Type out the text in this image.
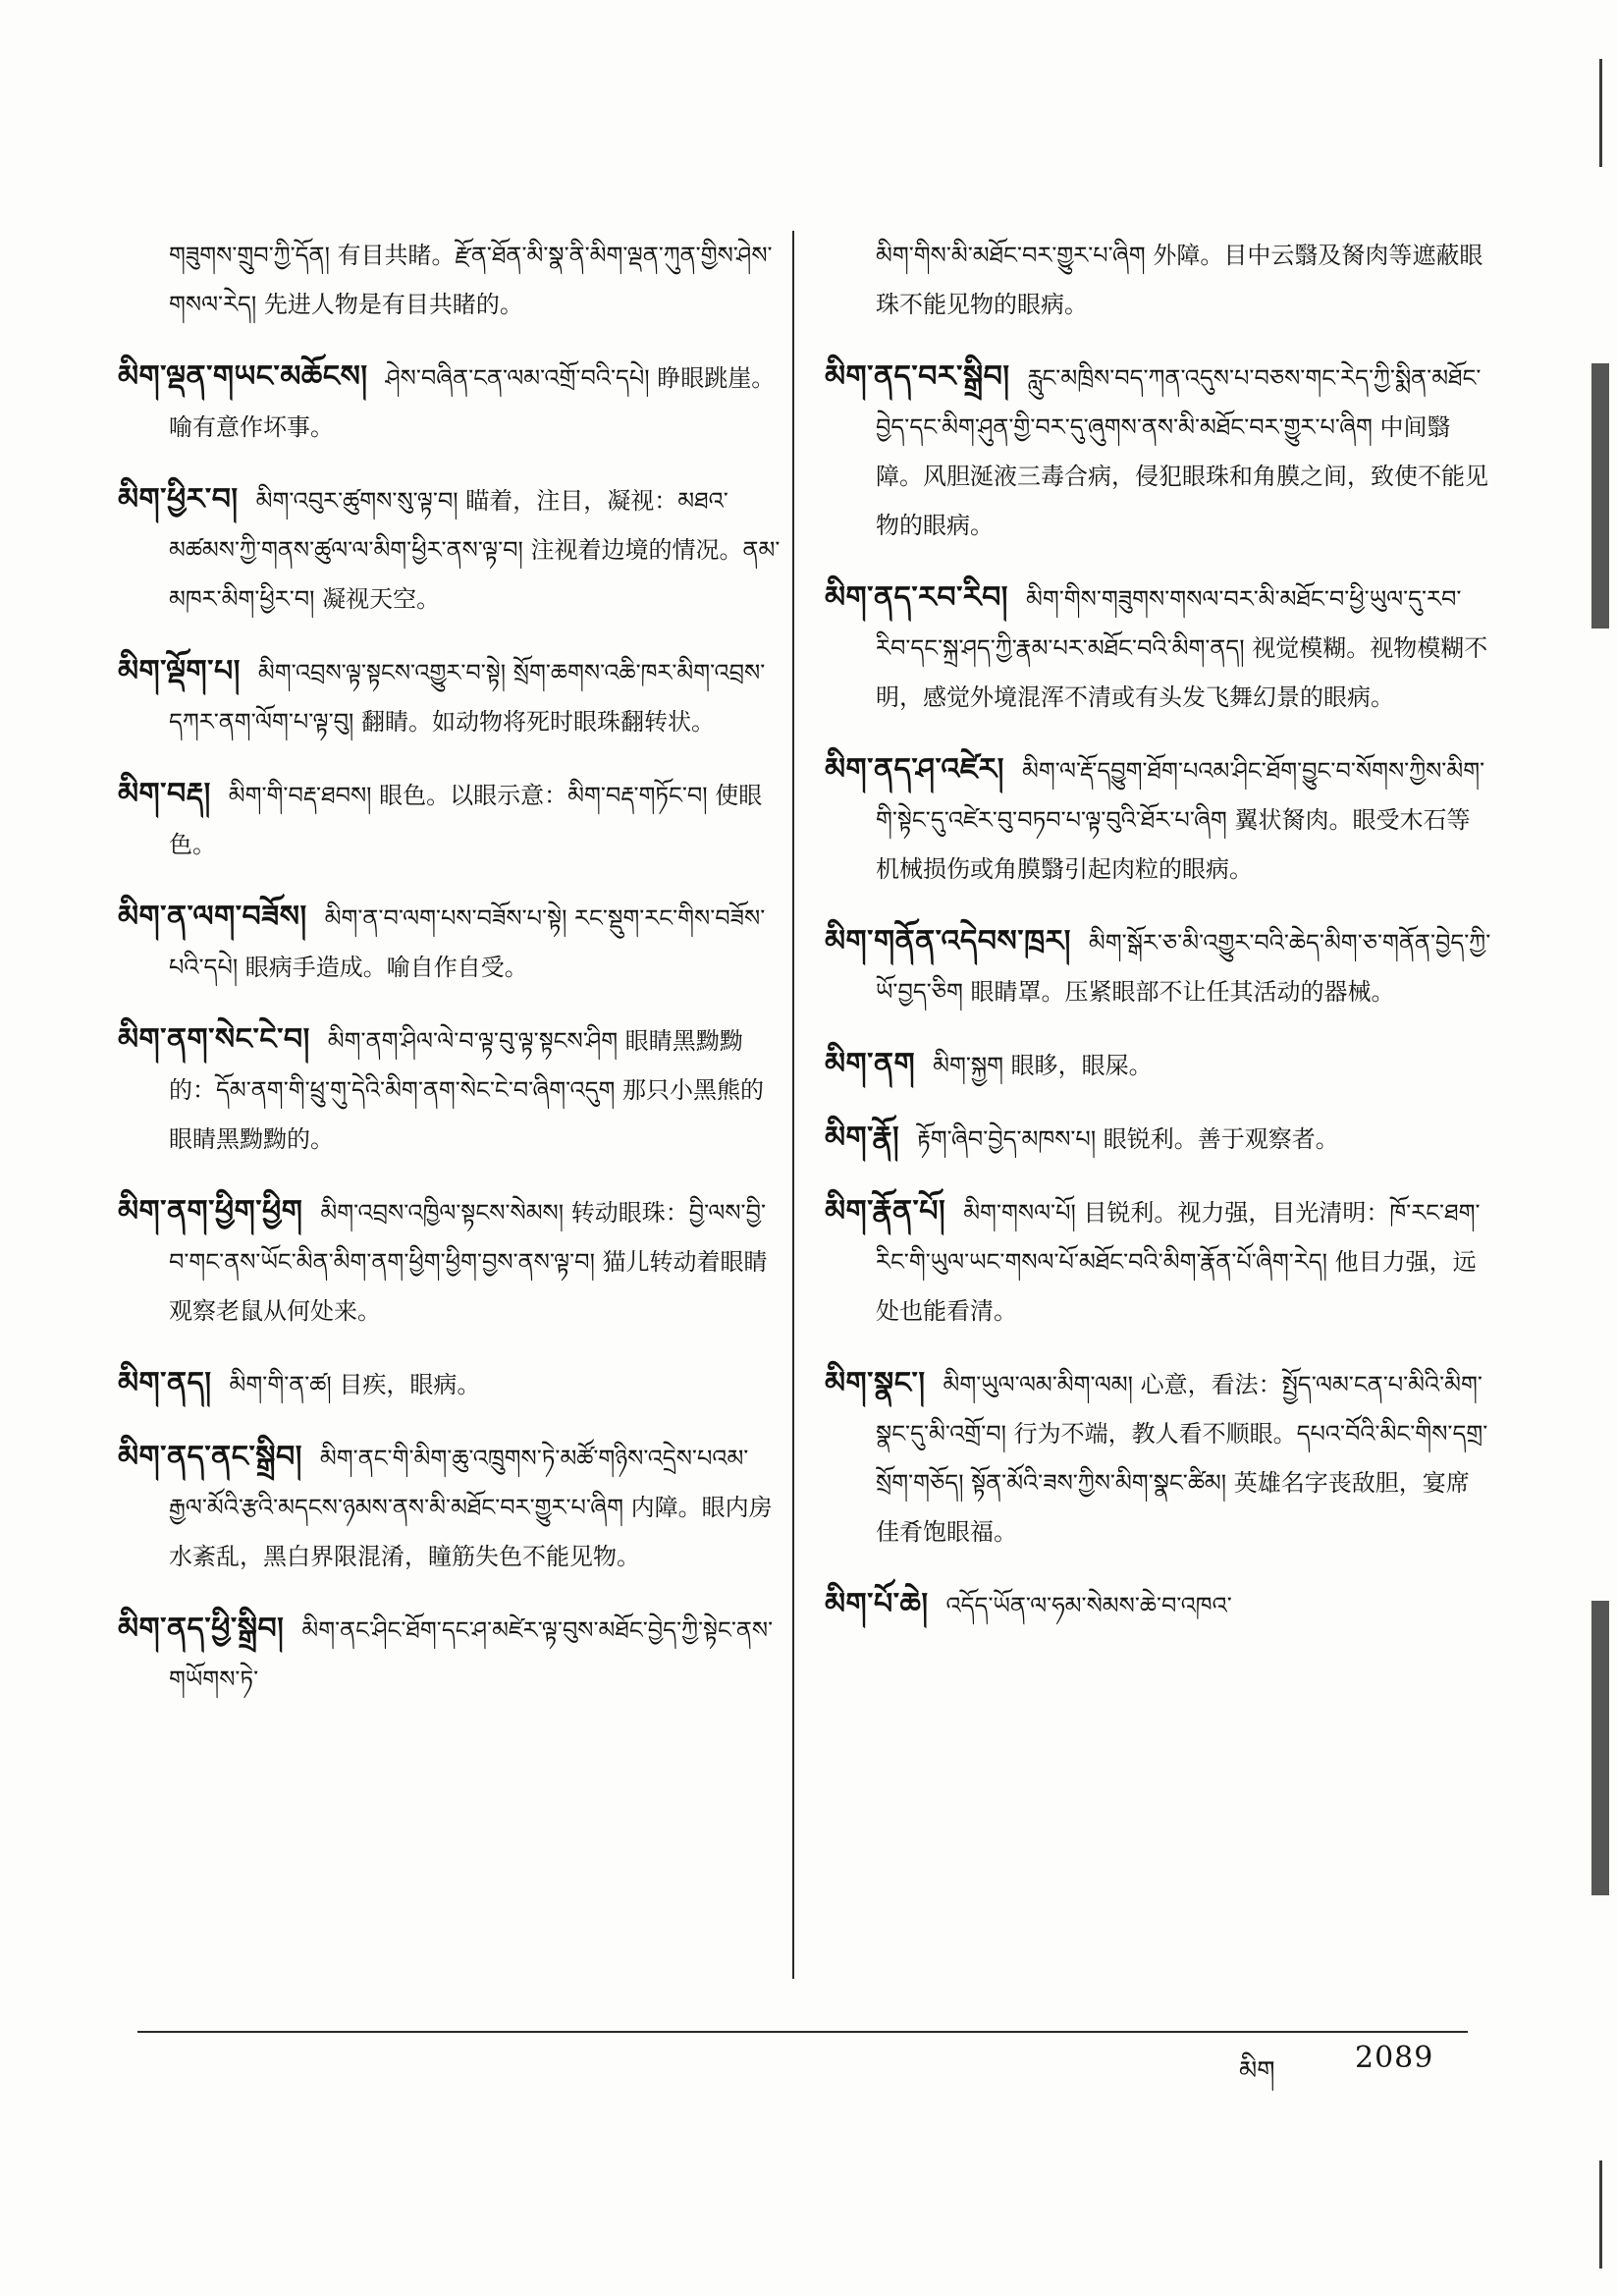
གཟུགས་གྲུབ་ཀྱི་དོན། 有目共睹。རྫོན་ཐོན་མི་སྣ་ནི་མིག་ལྡན་ཀུན་གྱིས་ཤེས་གསལ་རེད། 先进人物是有目共睹的。

མིག་ལྡན་གཡང་མཆོངས། ཤེས་བཞིན་ངན་ལམ་འགྲོ་བའི་དཔེ། 睁眼跳崖。喻有意作坏事。

མིག་ཕྱིར་བ། མིག་འབུར་ཚུགས་སུ་ལྟ་བ། 瞄着，注目，凝视：མཐའ་མཚམས་ཀྱི་གནས་ཚུལ་ལ་མིག་ཕྱིར་ནས་ལྟ་བ། 注视着边境的情况。ནམ་མཁར་མིག་ཕྱིར་བ། 凝视天空。

མིག་ལྡོག་པ། མིག་འབྲས་ལྟ་སྟངས་འགྱུར་བ་སྟེ། སྲོག་ཆགས་འཆི་ཁར་མིག་འབྲས་དཀར་ནག་ལོག་པ་ལྟ་བུ། 翻睛。如动物将死时眼珠翻转状。

མིག་བརྡ། མིག་གི་བརྡ་ཐབས། 眼色。以眼示意：མིག་བརྡ་གཏོང་བ། 使眼色。

མིག་ན་ལག་བཟོས། མིག་ན་བ་ལག་པས་བཟོས་པ་སྟེ། རང་སྡུག་རང་གིས་བཟོས་པའི་དཔེ། 眼病手造成。喻自作自受。

མིག་ནག་སེང་ངེ་བ། མིག་ནག་ཤིལ་ལེ་བ་ལྟ་བུ་ལྟ་སྟངས་ཤིག 眼睛黑黝黝的：དོམ་ནག་གི་ཕྲུ་གུ་དེའི་མིག་ནག་སེང་ངེ་བ་ཞིག་འདུག 那只小黑熊的眼睛黑黝黝的。

མིག་ནག་ཕྱིག་ཕྱིག མིག་འབྲས་འཁྱིལ་སྟངས་སེམས། 转动眼珠：བྱི་ལས་བྱི་བ་གང་ནས་ཡོང་མིན་མིག་ནག་ཕྱིག་ཕྱིག་བྱས་ནས་ལྟ་བ། 猫儿转动着眼睛观察老鼠从何处来。

མིག་ནད། མིག་གི་ན་ཚ། 目疾，眼病。

མིག་ནད་ནང་སྒྲིབ། མིག་ནང་གི་མིག་ཆུ་འཁྲུགས་ཏེ་མཚོ་གཉིས་འདྲེས་པའམ་རྒྱལ་མོའི་རྩའི་མདངས་ཉམས་ནས་མི་མཐོང་བར་གྱུར་པ་ཞིག 内障。眼内房水紊乱，黑白界限混淆，瞳筋失色不能见物。

མིག་ནད་ཕྱི་སྒྲིབ། མིག་ནང་ཤིང་ཐོག་དང་ཤ་མཛེར་ལྟ་བུས་མཐོང་བྱེད་ཀྱི་སྟེང་ནས་གཡོགས་ཏེ་

མིག་གིས་མི་མཐོང་བར་གྱུར་པ་ཞིག 外障。目中云翳及胬肉等遮蔽眼珠不能见物的眼病。

མིག་ནད་བར་སྒྲིབ། རླུང་མཁྲིས་བད་ཀན་འདུས་པ་བཅས་གང་རེད་ཀྱི་སྨིན་མཐོང་བྱེད་དང་མིག་ཤུན་གྱི་བར་དུ་ཞུགས་ནས་མི་མཐོང་བར་གྱུར་པ་ཞིག 中间翳障。风胆涎液三毒合病，侵犯眼珠和角膜之间，致使不能见物的眼病。

མིག་ནད་རབ་རིབ། མིག་གིས་གཟུགས་གསལ་བར་མི་མཐོང་བ་ཕྱི་ཡུལ་དུ་རབ་རིབ་དང་སྐྲ་ཤད་ཀྱི་རྣམ་པར་མཐོང་བའི་མིག་ནད། 视觉模糊。视物模糊不明，感觉外境混浑不清或有头发飞舞幻景的眼病。

མིག་ནད་ཤ་འཛེར། མིག་ལ་རྡོ་དབྱུག་ཐོག་པའམ་ཤིང་ཐོག་བྱུང་བ་སོགས་ཀྱིས་མིག་གི་སྟེང་དུ་འཛེར་བུ་བཏབ་པ་ལྟ་བུའི་ཐོར་པ་ཞིག 翼状胬肉。眼受木石等机械损伤或角膜翳引起肉粒的眼病。

མིག་གནོན་འདེབས་ཁྲར། མིག་སྒོར་ཅ་མི་འགྱུར་བའི་ཆེད་མིག་ཅ་གནོན་བྱེད་ཀྱི་ཡོ་བྱད་ཅིག 眼睛罩。压紧眼部不让任其活动的器械。

མིག་ནག མིག་སྐྱག 眼眵，眼屎。

མིག་རྣོ། རྟོག་ཞིབ་བྱེད་མཁས་པ། 眼锐利。善于观察者。

མིག་རྣོན་པོ། མིག་གསལ་པོ། 目锐利。视力强，目光清明：ཁོ་རང་ཐག་རིང་གི་ཡུལ་ཡང་གསལ་པོ་མཐོང་བའི་མིག་རྣོན་པོ་ཞིག་རེད། 他目力强，远处也能看清。

མིག་སྣང་། མིག་ཡུལ་ལམ་མིག་ལམ། 心意，看法：སྤྱོད་ལམ་ངན་པ་མིའི་མིག་སྣང་དུ་མི་འགྲོ་བ། 行为不端，教人看不顺眼。དཔའ་བོའི་མིང་གིས་དགྲ་སྲོག་གཅོད། སྟོན་མོའི་ཟས་ཀྱིས་མིག་སྣང་ཚིམ། 英雄名字丧敌胆，宴席佳肴饱眼福。

མིག་པོ་ཆེ། འདོད་ཡོན་ལ་ཧམ་སེམས་ཆེ་བ་འཁའ་

མིག	2089
